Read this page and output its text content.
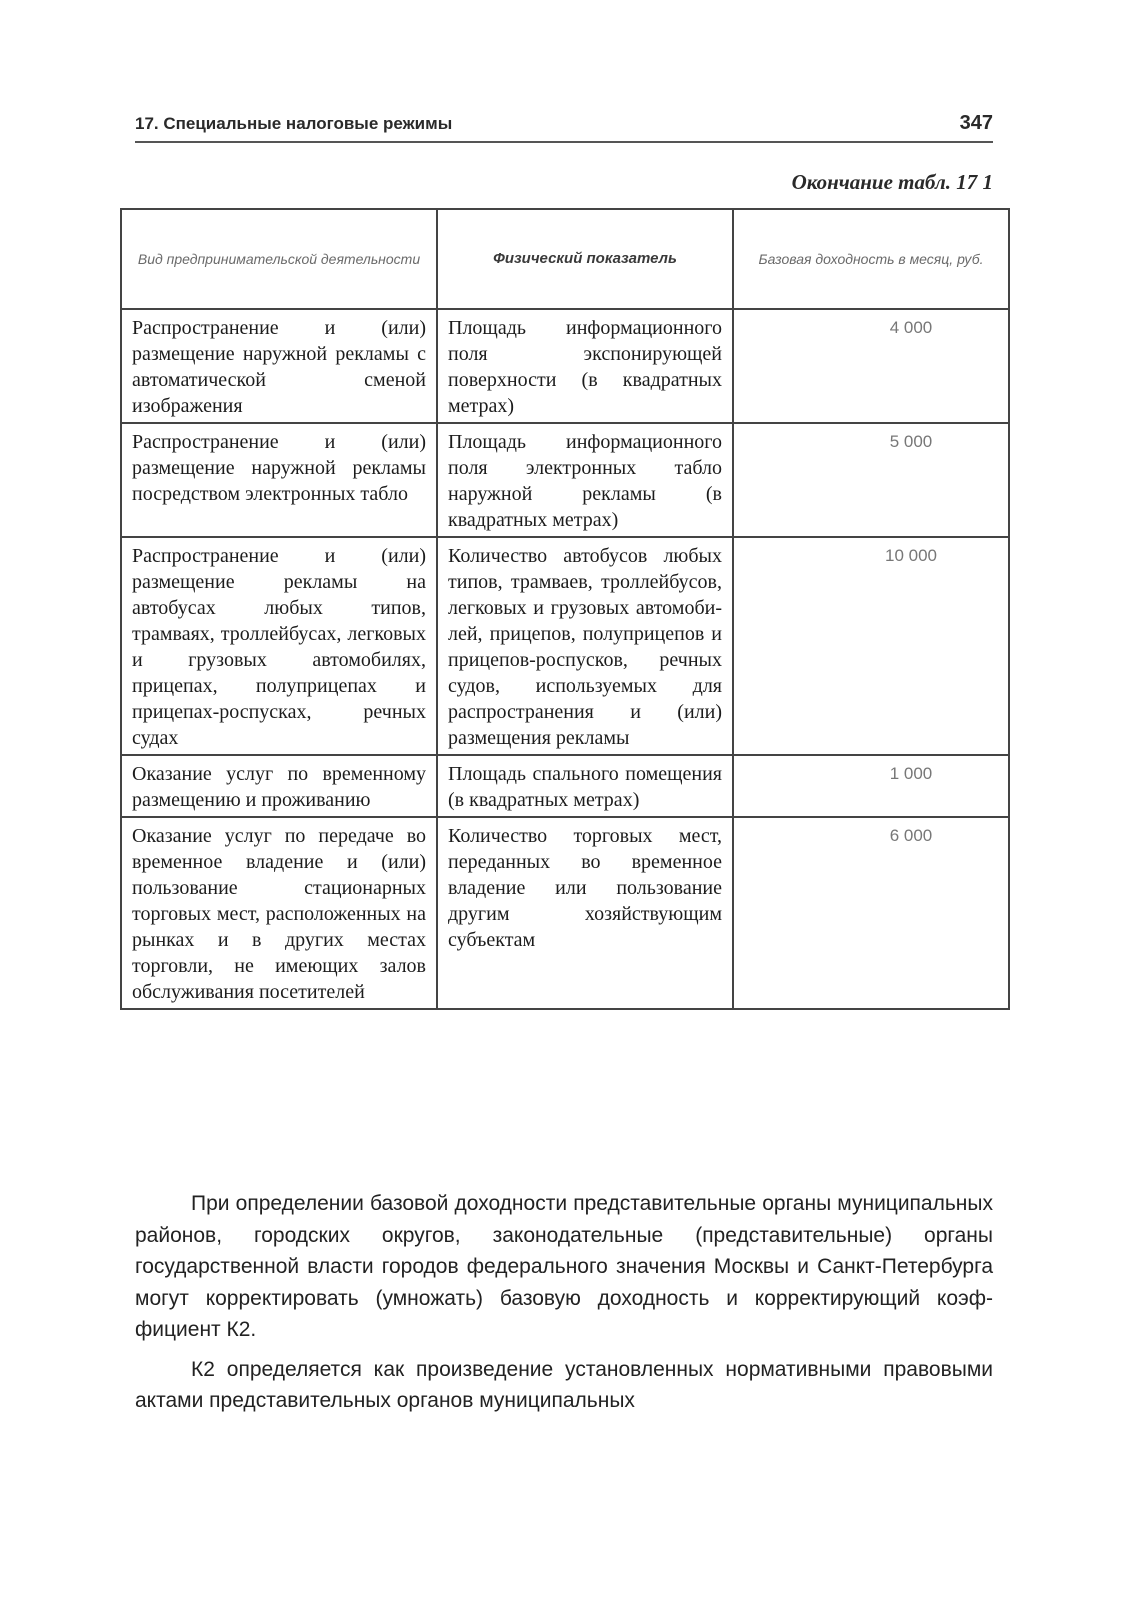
17. Специальные налоговые режимы	347
Окончание табл. 17 1
Вид предпринимательской деятельности	Физический показатель	Базовая доходность в месяц, руб.
Распространение и (или) размещение наружной рекламы с автоматической сменой изображения	Площадь информационного поля экспонирующей поверхности (в квадратных метрах)	4 000
Распространение и (или) размещение наружной рекламы посредством электронных табло	Площадь информационного поля электронных табло наружной рекламы (в квадратных метрах)	5 000
Распространение и (или) размещение рекламы на автобусах любых типов, трамваях, троллейбусах, легковых и грузовых автомобилях, прицепах, полуприцепах и прицепах-роспусках, речных судах	Количество автобусов любых типов, трамваев, троллейбусов, легковых и грузовых автомобилей, прицепов, полуприцепов и прицепов-роспусков, речных судов, используемых для распространения и (или) размещения рекламы	10 000
Оказание услуг по временному размещению и проживанию	Площадь спального помещения (в квадратных метрах)	1 000
Оказание услуг по передаче во временное владение и (или) пользование стационарных торговых мест, расположенных на рынках и в других местах торговли, не имеющих залов обслуживания посетителей	Количество торговых мест, переданных во временное владение или пользование другим хозяйствующим субъектам	6 000

При определении базовой доходности представительные органы муниципальных районов, городских округов, законодательные (представительные) органы государственной власти городов федерального значения Москвы и Санкт-Петербурга могут корректировать (умножать) базовую доходность и корректирующий коэффициент К2.

К2 определяется как произведение установленных нормативными правовыми актами представительных органов муниципальных
